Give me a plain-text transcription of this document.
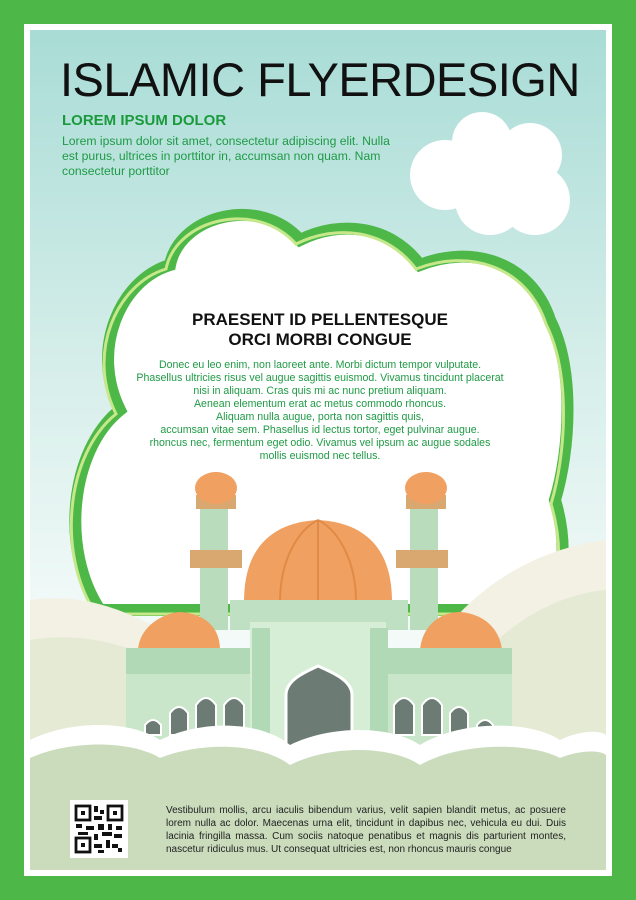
ISLAMIC FLYERDESIGN
LOREM IPSUM DOLOR
Lorem ipsum dolor sit amet, consectetur adipiscing elit. Nulla est purus, ultrices in porttitor in, accumsan non quam. Nam consectetur porttitor
PRAESENT ID PELLENTESQUE
ORCI MORBI CONGUE
Donec eu leo enim, non laoreet ante. Morbi dictum tempor vulputate.
Phasellus ultricies risus vel augue sagittis euismod. Vivamus tincidunt placerat
nisi in aliquam. Cras quis mi ac nunc pretium aliquam.
Aenean elementum erat ac metus commodo rhoncus.
Aliquam nulla augue, porta non sagittis quis,
accumsan vitae sem. Phasellus id lectus tortor, eget pulvinar augue.
rhoncus nec, fermentum eget odio. Vivamus vel ipsum ac augue sodales
mollis euismod nec tellus.
Vestibulum mollis, arcu iaculis bibendum varius, velit sapien blandit metus, ac posuere lorem nulla ac dolor. Maecenas urna elit, tincidunt in dapibus nec, vehicula eu dui. Duis lacinia fringilla massa. Cum sociis natoque penatibus et magnis dis parturient montes, nascetur ridiculus mus. Ut consequat ultricies est, non rhoncus mauris congue
